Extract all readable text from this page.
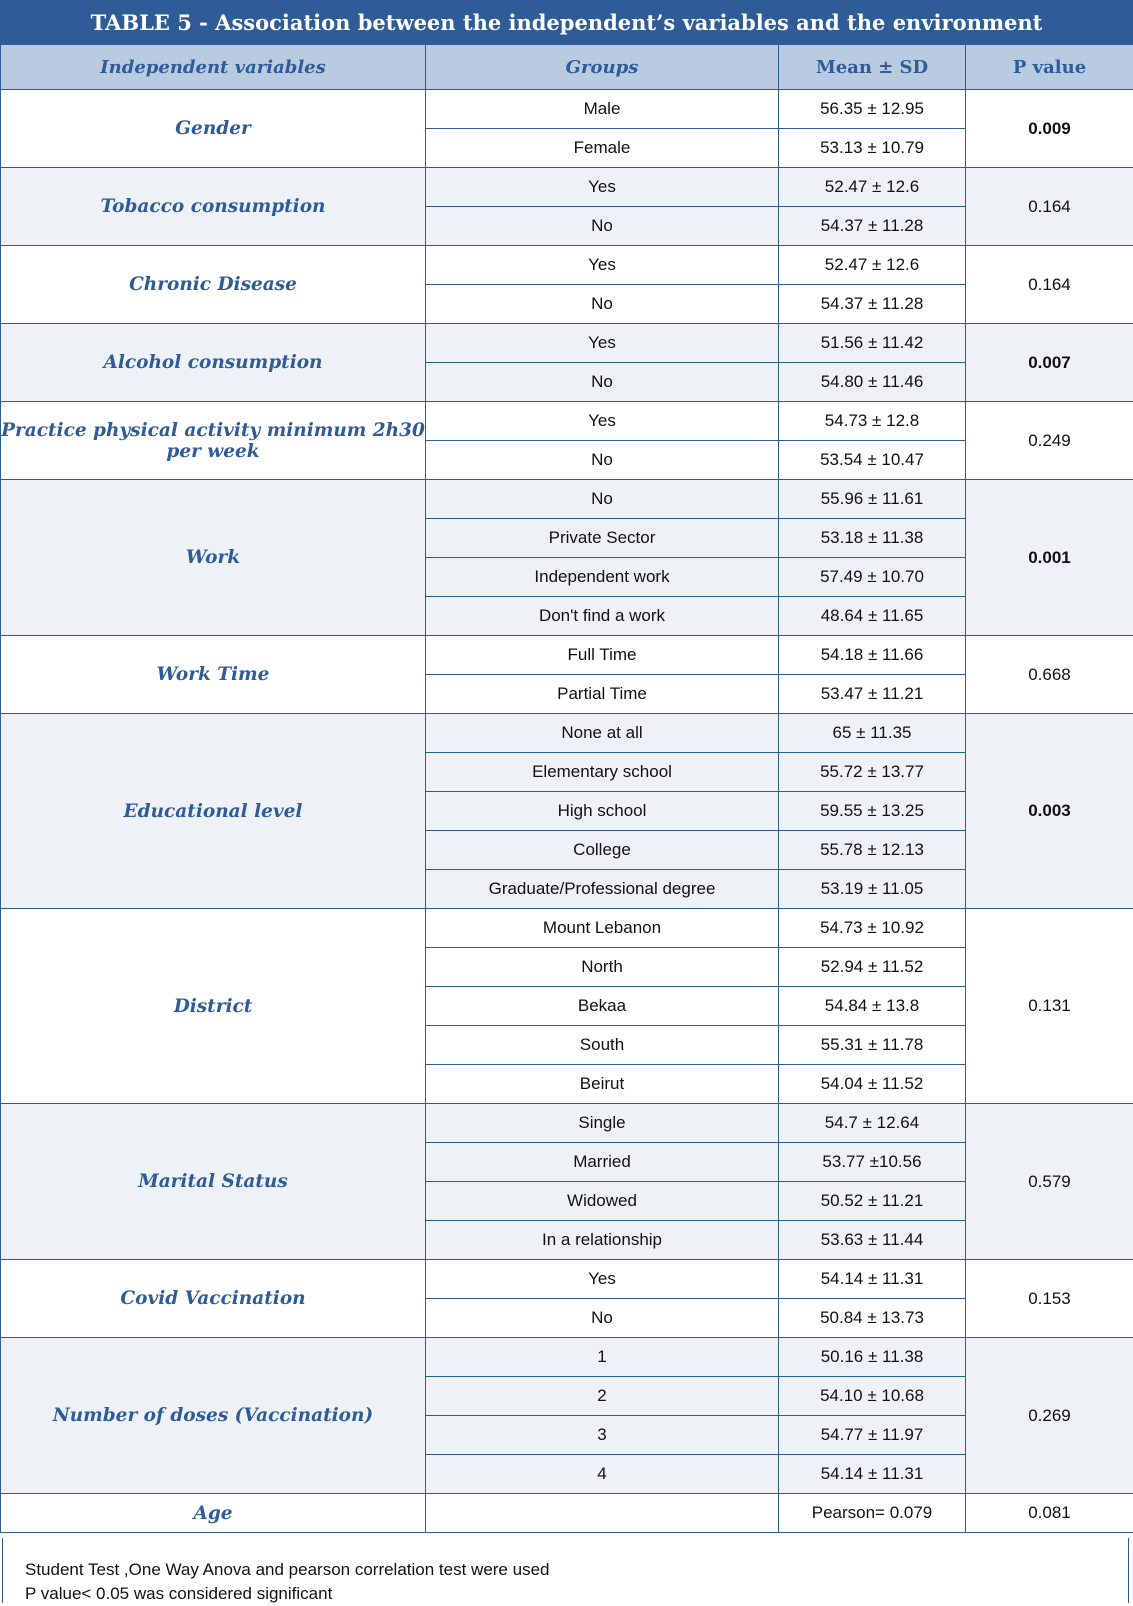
TABLE 5 - Association between the independent’s variables and the environment
Independent variables	Groups	Mean ± SD	P value
Gender	Male	56.35 ± 12.95	0.009
	Female	53.13 ± 10.79	
Tobacco consumption	Yes	52.47 ± 12.6	0.164
	No	54.37 ± 11.28	
Chronic Disease	Yes	52.47 ± 12.6	0.164
	No	54.37 ± 11.28	
Alcohol consumption	Yes	51.56 ± 11.42	0.007
	No	54.80 ± 11.46	
Practice physical activity minimum 2h30 per week	Yes	54.73 ± 12.8	0.249
	No	53.54 ± 10.47	
Work	No	55.96 ± 11.61	0.001
	Private Sector	53.18 ± 11.38	
	Independent work	57.49 ± 10.70	
	Don't find a work	48.64 ± 11.65	
Work Time	Full Time	54.18 ± 11.66	0.668
	Partial Time	53.47 ± 11.21	
Educational level	None at all	65 ± 11.35	0.003
	Elementary school	55.72 ± 13.77	
	High school	59.55 ± 13.25	
	College	55.78 ± 12.13	
	Graduate/Professional degree	53.19 ± 11.05	
District	Mount Lebanon	54.73 ± 10.92	0.131
	North	52.94 ± 11.52	
	Bekaa	54.84 ± 13.8	
	South	55.31 ± 11.78	
	Beirut	54.04 ± 11.52	
Marital Status	Single	54.7 ± 12.64	0.579
	Married	53.77 ±10.56	
	Widowed	50.52 ± 11.21	
	In a relationship	53.63 ± 11.44	
Covid Vaccination	Yes	54.14 ± 11.31	0.153
	No	50.84 ± 13.73	
Number of doses (Vaccination)	1	50.16 ± 11.38	0.269
	2	54.10 ± 10.68	
	3	54.77 ± 11.97	
	4	54.14 ± 11.31	
Age		Pearson= 0.079	0.081
Student Test ,One Way Anova and pearson correlation test were used
P value< 0.05 was considered significant
